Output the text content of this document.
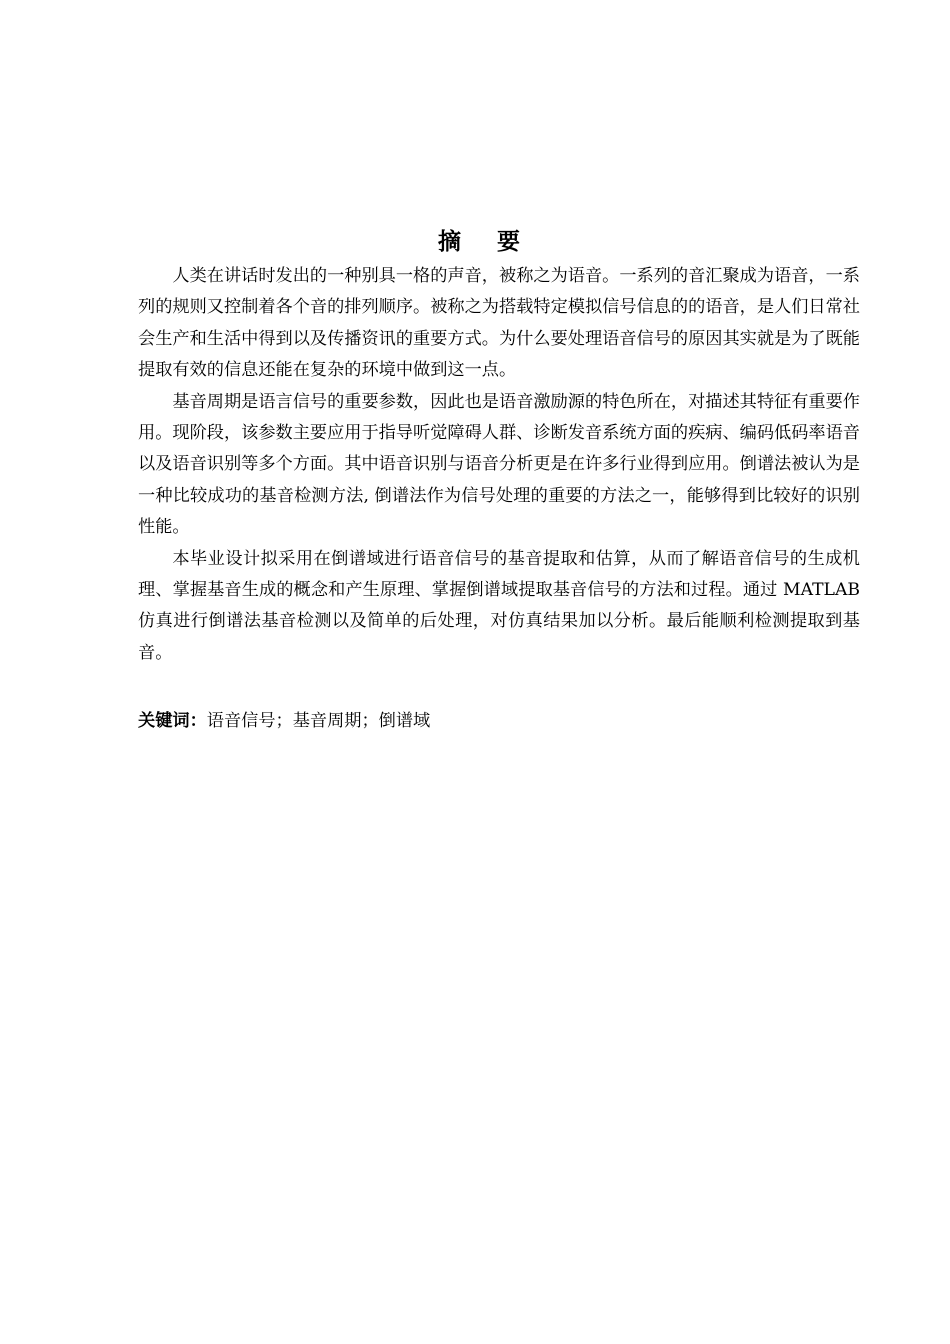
摘 要

人类在讲话时发出的一种别具一格的声音，被称之为语音。一系列的音汇聚成为语音，一系列的规则又控制着各个音的排列顺序。被称之为搭载特定模拟信号信息的的语音，是人们日常社会生产和生活中得到以及传播资讯的重要方式。为什么要处理语音信号的原因其实就是为了既能提取有效的信息还能在复杂的环境中做到这一点。

基音周期是语言信号的重要参数，因此也是语音激励源的特色所在，对描述其特征有重要作用。现阶段，该参数主要应用于指导听觉障碍人群、诊断发音系统方面的疾病、编码低码率语音以及语音识别等多个方面。其中语音识别与语音分析更是在许多行业得到应用。倒谱法被认为是一种比较成功的基音检测方法, 倒谱法作为信号处理的重要的方法之一，能够得到比较好的识别性能。

本毕业设计拟采用在倒谱域进行语音信号的基音提取和估算，从而了解语音信号的生成机理、掌握基音生成的概念和产生原理、掌握倒谱域提取基音信号的方法和过程。通过 MATLAB 仿真进行倒谱法基音检测以及简单的后处理，对仿真结果加以分析。最后能顺利检测提取到基音。

关键词：语音信号；基音周期；倒谱域
